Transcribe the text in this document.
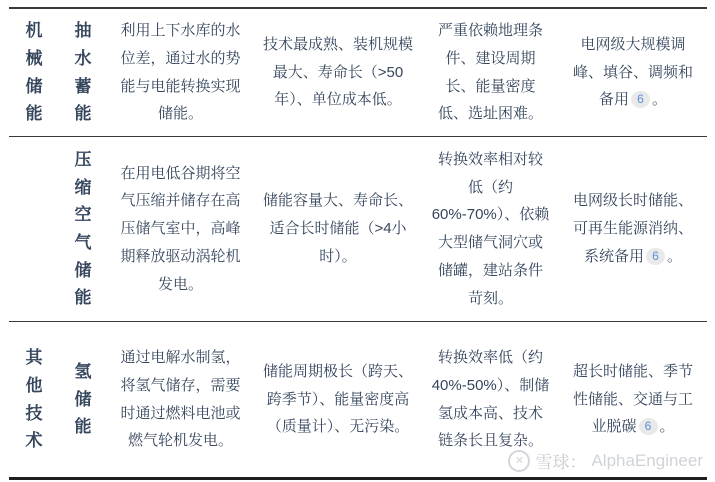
机械储能
抽水蓄能
利用上下水库的水位差，通过水的势能与电能转换实现储能。
技术最成熟、装机规模最大、寿命长（>50年）、单位成本低。
严重依赖地理条件、建设周期长、能量密度低、选址困难。
电网级大规模调峰、填谷、调频和备用 6 。
压缩空气储能
在用电低谷期将空气压缩并储存在高压储气室中，高峰期释放驱动涡轮机发电。
储能容量大、寿命长、适合长时储能（>4小时）。
转换效率相对较低（约60%-70%）、依赖大型储气洞穴或储罐，建站条件苛刻。
电网级长时储能、可再生能源消纳、系统备用 6 。
其他技术
氢储能
通过电解水制氢，将氢气储存，需要时通过燃料电池或燃气轮机发电。
储能周期极长（跨天、跨季节）、能量密度高（质量计）、无污染。
转换效率低（约40%-50%）、制储氢成本高、技术链条长且复杂。
超长时储能、季节性储能、交通与工业脱碳 6 。
✕ 雪球： AlphaEngineer
